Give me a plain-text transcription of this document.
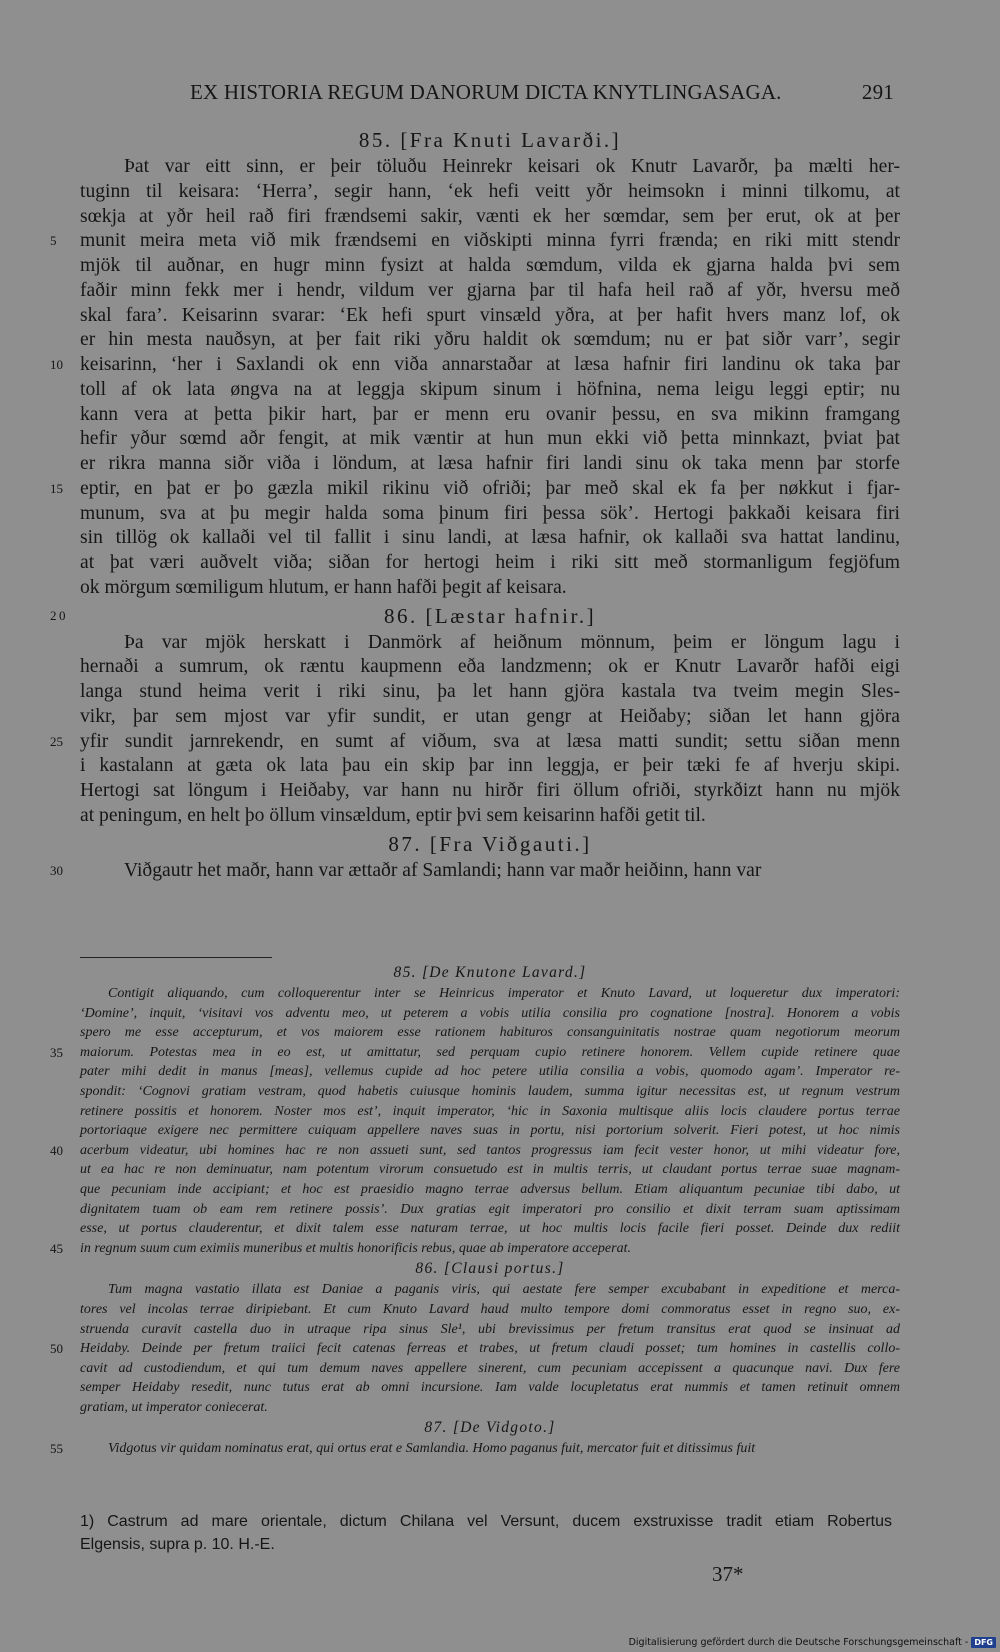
EX HISTORIA REGUM DANORUM DICTA KNYTLINGASAGA.	291
85. [Fra Knuti Lavarði.]
Þat var eitt sinn, er þeir töluðu Heinrekr keisari ok Knutr Lavarðr, þa mælti her-
tuginn til keisara: ‘Herra’, segir hann, ‘ek hefi veitt yðr heimsokn i minni tilkomu, at
sœkja at yðr heil rað firi frændsemi sakir, vænti ek her sœmdar, sem þer erut, ok at þer
munit meira meta við mik frændsemi en viðskipti minna fyrri frænda; en riki mitt stendr
5
mjök til auðnar, en hugr minn fysizt at halda sœmdum, vilda ek gjarna halda þvi sem
faðir minn fekk mer i hendr, vildum ver gjarna þar til hafa heil rað af yðr, hversu með
skal fara’. Keisarinn svarar: ‘Ek hefi spurt vinsæld yðra, at þer hafit hvers manz lof, ok
er hin mesta nauðsyn, at þer fait riki yðru haldit ok sœmdum; nu er þat siðr varr’, segir
keisarinn, ‘her i Saxlandi ok enn viða annarstaðar at læsa hafnir firi landinu ok taka þar
10
toll af ok lata øngva na at leggja skipum sinum i höfnina, nema leigu leggi eptir; nu
kann vera at þetta þikir hart, þar er menn eru ovanir þessu, en sva mikinn framgang
hefir yður sœmd aðr fengit, at mik væntir at hun mun ekki við þetta minnkazt, þviat þat
er rikra manna siðr viða i löndum, at læsa hafnir firi landi sinu ok taka menn þar storfe
eptir, en þat er þo gæzla mikil rikinu við ofriði; þar með skal ek fa þer nøkkut i fjar-
15
munum, sva at þu megir halda soma þinum firi þessa sök’. Hertogi þakkaði keisara firi
sin tillög ok kallaði vel til fallit i sinu landi, at læsa hafnir, ok kallaði sva hattat landinu,
at þat væri auðvelt viða; siðan for hertogi heim i riki sitt með stormanligum fegjöfum
ok mörgum sœmiligum hlutum, er hann hafði þegit af keisara.
86. [Læstar hafnir.]
20
Þa var mjök herskatt i Danmörk af heiðnum mönnum, þeim er löngum lagu i
hernaði a sumrum, ok ræntu kaupmenn eða landzmenn; ok er Knutr Lavarðr hafði eigi
langa stund heima verit i riki sinu, þa let hann gjöra kastala tva tveim megin Sles-
vikr, þar sem mjost var yfir sundit, er utan gengr at Heiðaby; siðan let hann gjöra
yfir sundit jarnrekendr, en sumt af viðum, sva at læsa matti sundit; settu siðan menn
25
i kastalann at gæta ok lata þau ein skip þar inn leggja, er þeir tæki fe af hverju skipi.
Hertogi sat löngum i Heiðaby, var hann nu hirðr firi öllum ofriði, styrkðizt hann nu mjök
at peningum, en helt þo öllum vinsældum, eptir þvi sem keisarinn hafði getit til.
87. [Fra Viðgauti.]
Viðgautr het maðr, hann var ættaðr af Samlandi; hann var maðr heiðinn, hann var
30
85. [De Knutone Lavard.]
Contigit aliquando, cum colloquerentur inter se Heinricus imperator et Knuto Lavard, ut loqueretur dux imperatori:
‘Domine’, inquit, ‘visitavi vos adventu meo, ut peterem a vobis utilia consilia pro cognatione [nostra]. Honorem a vobis
spero me esse accepturum, et vos maiorem esse rationem habituros consanguinitatis nostrae quam negotiorum meorum
maiorum. Potestas mea in eo est, ut amittatur, sed perquam cupio retinere honorem. Vellem cupide retinere quae
35
pater mihi dedit in manus [meas], vellemus cupide ad hoc petere utilia consilia a vobis, quomodo agam’. Imperator re-
spondit: ‘Cognovi gratiam vestram, quod habetis cuiusque hominis laudem, summa igitur necessitas est, ut regnum vestrum
retinere possitis et honorem. Noster mos est’, inquit imperator, ‘hic in Saxonia multisque aliis locis claudere portus terrae
portoriaque exigere nec permittere cuiquam appellere naves suas in portu, nisi portorium solverit. Fieri potest, ut hoc nimis
acerbum videatur, ubi homines hac re non assueti sunt, sed tantos progressus iam fecit vester honor, ut mihi videatur fore,
40
ut ea hac re non deminuatur, nam potentum virorum consuetudo est in multis terris, ut claudant portus terrae suae magnam-
que pecuniam inde accipiant; et hoc est praesidio magno terrae adversus bellum. Etiam aliquantum pecuniae tibi dabo, ut
dignitatem tuam ob eam rem retinere possis’. Dux gratias egit imperatori pro consilio et dixit terram suam aptissimam
esse, ut portus clauderentur, et dixit talem esse naturam terrae, ut hoc multis locis facile fieri posset. Deinde dux rediit
in regnum suum cum eximiis muneribus et multis honorificis rebus, quae ab imperatore acceperat.
45
86. [Clausi portus.]
Tum magna vastatio illata est Daniae a paganis viris, qui aestate fere semper excubabant in expeditione et merca-
tores vel incolas terrae diripiebant. Et cum Knuto Lavard haud multo tempore domi commoratus esset in regno suo, ex-
struenda curavit castella duo in utraque ripa sinus Sle¹, ubi brevissimus per fretum transitus erat quod se insinuat ad
Heidaby. Deinde per fretum traiici fecit catenas ferreas et trabes, ut fretum claudi posset; tum homines in castellis collo-
50
cavit ad custodiendum, et qui tum demum naves appellere sinerent, cum pecuniam accepissent a quacunque navi. Dux fere
semper Heidaby resedit, nunc tutus erat ab omni incursione. Iam valde locupletatus erat nummis et tamen retinuit omnem
gratiam, ut imperator coniecerat.
87. [De Vidgoto.]
Vidgotus vir quidam nominatus erat, qui ortus erat e Samlandia. Homo paganus fuit, mercator fuit et ditissimus fuit
55
1) Castrum ad mare orientale, dictum Chilana vel Versunt, ducem exstruxisse tradit etiam Robertus
Elgensis, supra p. 10. H.-E.
37*
Digitalisierung gefördert durch die Deutsche Forschungsgemeinschaft - DFG
